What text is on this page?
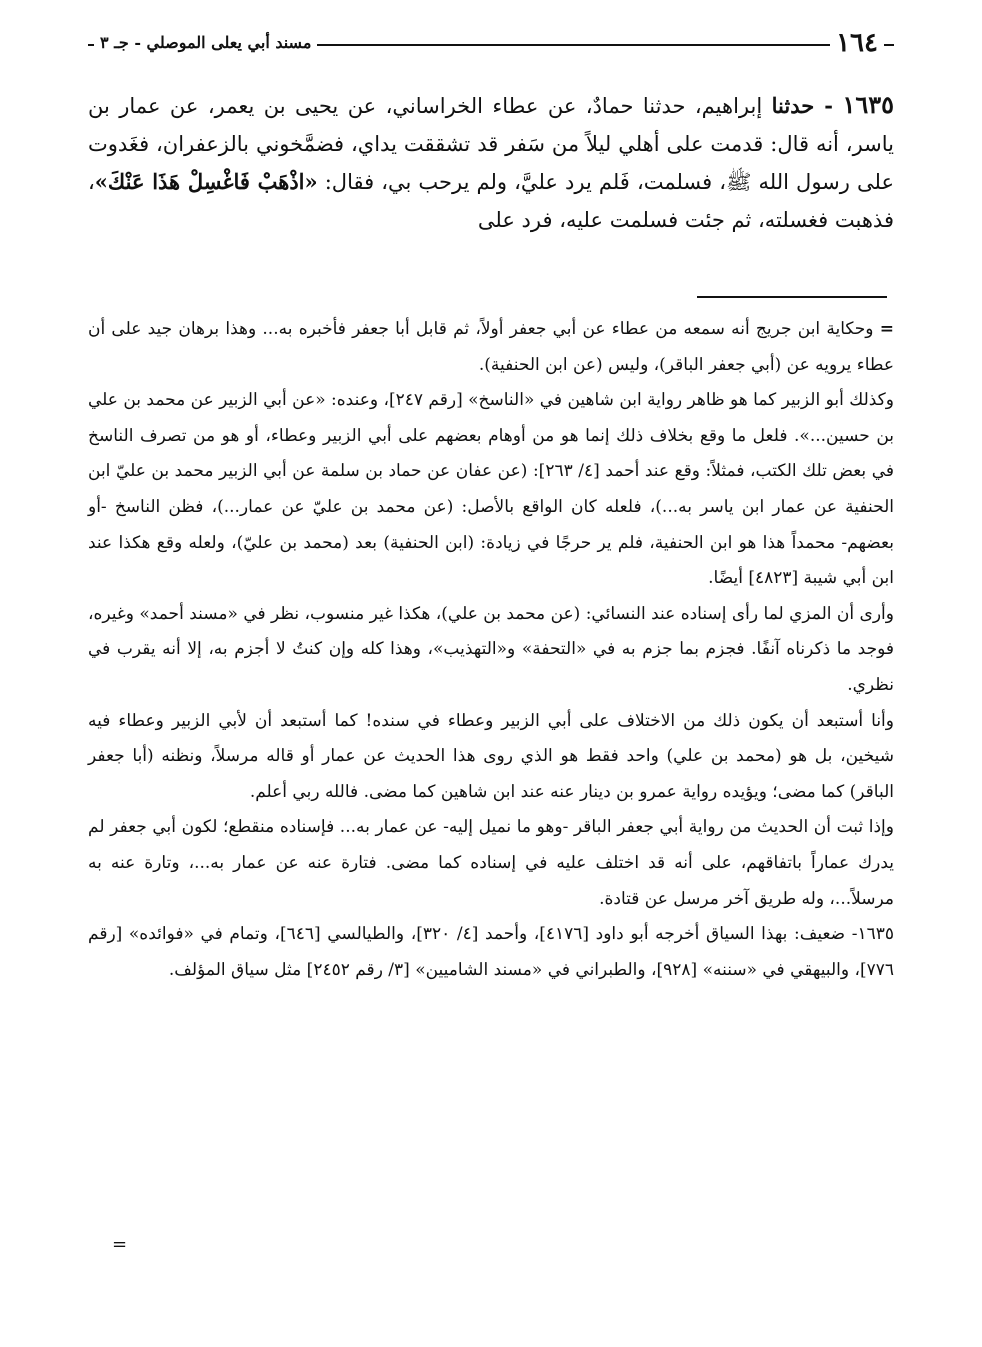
١٦٤
مسند أبي يعلى الموصلي - جـ ٣

١٦٣٥ - حدثنا إبراهيم، حدثنا حمادٌ، عن عطاء الخراساني، عن يحيى بن يعمر، عن عمار بن ياسر، أنه قال: قدمت على أهلي ليلاً من سَفر قد تشققت يداي، فضمَّخوني بالزعفران، فغَدوت على رسول الله ﷺ، فسلمت، فَلم يرد عليَّ، ولم يرحب بي، فقال: «اذْهَبْ فَاغْسِلْ هَذَا عَنْكَ»، فذهبت فغسلته، ثم جئت فسلمت عليه، فرد على

= وحكاية ابن جريج أنه سمعه من عطاء عن أبي جعفر أولاً، ثم قابل أبا جعفر فأخبره به... وهذا برهان جيد على أن عطاء يرويه عن (أبي جعفر الباقر)، وليس (عن ابن الحنفية).

وكذلك أبو الزبير كما هو ظاهر رواية ابن شاهين في «الناسخ» [رقم ٢٤٧]، وعنده: «عن أبي الزبير عن محمد بن علي بن حسين...». فلعل ما وقع بخلاف ذلك إنما هو من أوهام بعضهم على أبي الزبير وعطاء، أو هو من تصرف الناسخ في بعض تلك الكتب، فمثلاً: وقع عند أحمد [٤/ ٢٦٣]: (عن عفان عن حماد بن سلمة عن أبي الزبير محمد بن عليّ ابن الحنفية عن عمار ابن ياسر به...)، فلعله كان الواقع بالأصل: (عن محمد بن عليّ عن عمار...)، فظن الناسخ -أو بعضهم- محمداً هذا هو ابن الحنفية، فلم ير حرجًا في زيادة: (ابن الحنفية) بعد (محمد بن عليّ)، ولعله وقع هكذا عند ابن أبي شيبة [٤٨٢٣] أيضًا.

وأرى أن المزي لما رأى إسناده عند النسائي: (عن محمد بن علي)، هكذا غير منسوب، نظر في «مسند أحمد» وغيره، فوجد ما ذكرناه آنفًا. فجزم بما جزم به في «التحفة» و«التهذيب»، وهذا كله وإن كنتُ لا أجزم به، إلا أنه يقرب في نظري.

وأنا أستبعد أن يكون ذلك من الاختلاف على أبي الزبير وعطاء في سنده! كما أستبعد أن لأبي الزبير وعطاء فيه شيخين، بل هو (محمد بن علي) واحد فقط هو الذي روى هذا الحديث عن عمار أو قاله مرسلاً، ونظنه (أبا جعفر الباقر) كما مضى؛ ويؤيده رواية عمرو بن دينار عنه عند ابن شاهين كما مضى. فالله ربي أعلم.

وإذا ثبت أن الحديث من رواية أبي جعفر الباقر -وهو ما نميل إليه- عن عمار به... فإسناده منقطع؛ لكون أبي جعفر لم يدرك عماراً باتفاقهم، على أنه قد اختلف عليه في إسناده كما مضى. فتارة عنه عن عمار به...، وتارة عنه به مرسلاً...، وله طريق آخر مرسل عن قتادة.

١٦٣٥- ضعيف: بهذا السياق أخرجه أبو داود [٤١٧٦]، وأحمد [٤/ ٣٢٠]، والطيالسي [٦٤٦]، وتمام في «فوائده» [رقم ٧٧٦]، والبيهقي في «سننه» [٩٢٨]، والطبراني في «مسند الشاميين» [٣/ رقم ٢٤٥٢] مثل سياق المؤلف.

=
